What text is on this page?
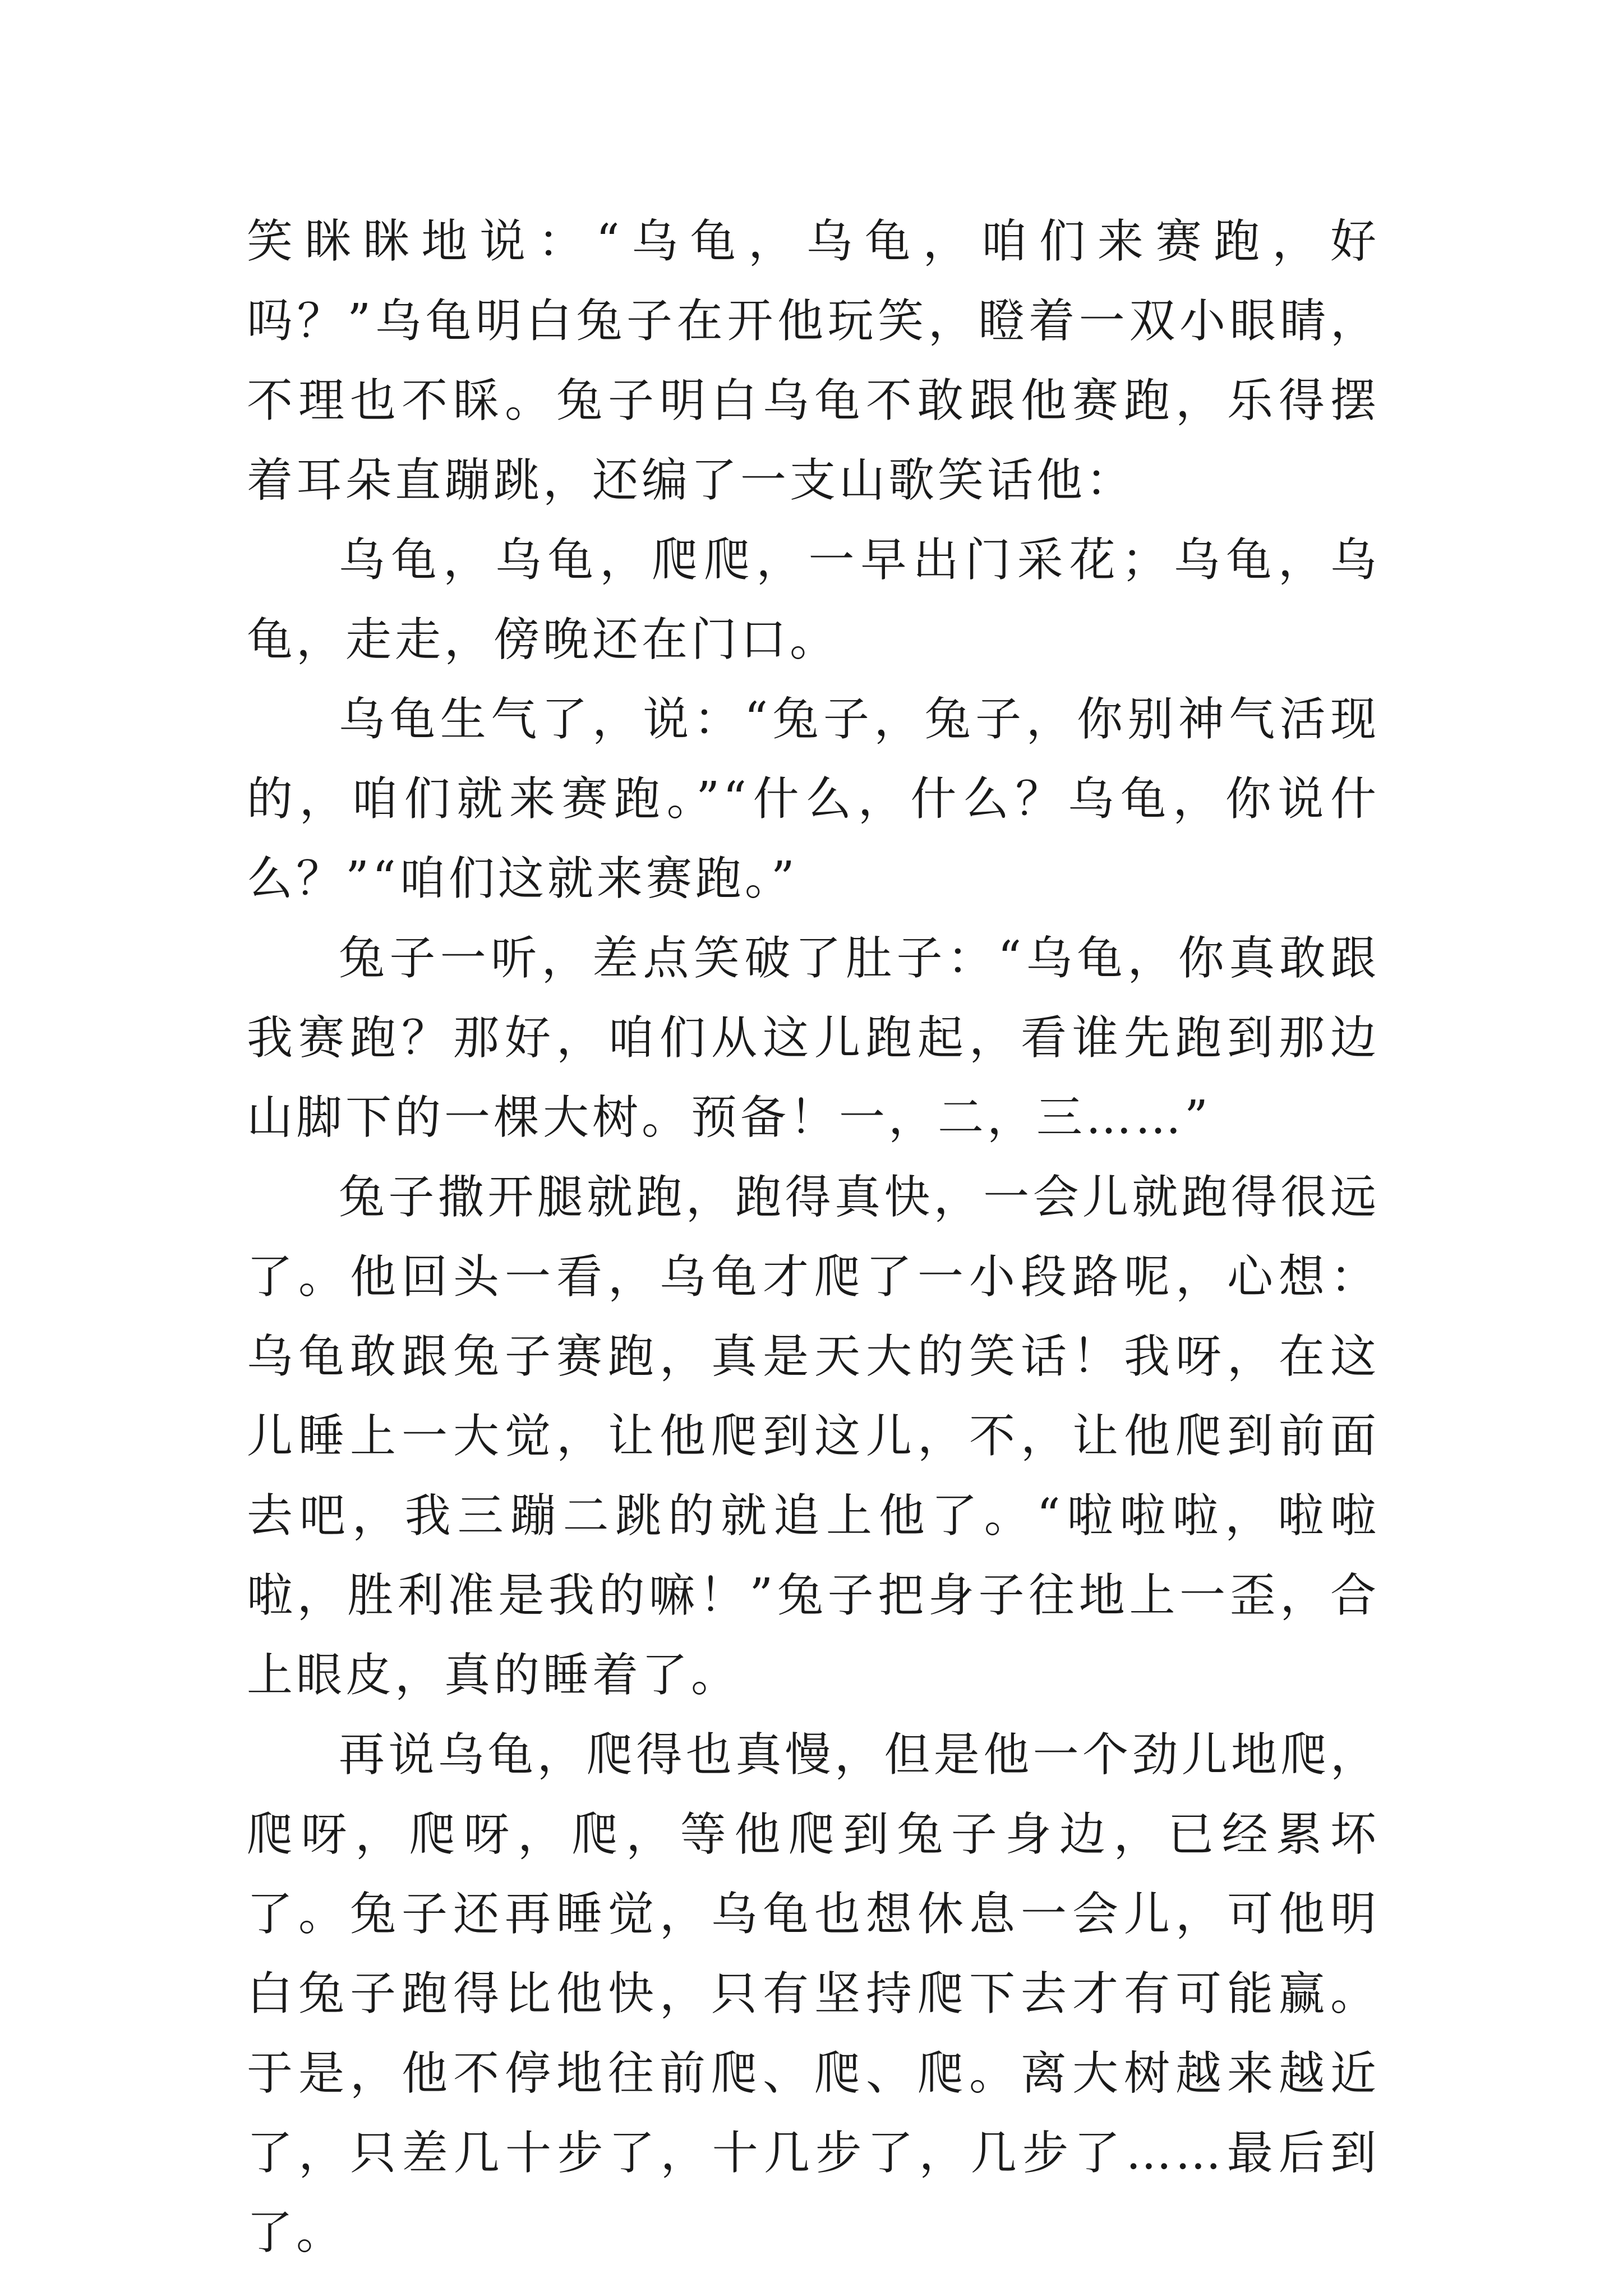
笑眯眯地说：“乌龟，乌龟，咱们来赛跑，好吗？”乌龟明白兔子在开他玩笑，瞪着一双小眼睛，不理也不睬。兔子明白乌龟不敢跟他赛跑，乐得摆着耳朵直蹦跳，还编了一支山歌笑话他：

乌龟，乌龟，爬爬，一早出门采花；乌龟，乌龟，走走，傍晚还在门口。

乌龟生气了，说：“兔子，兔子，你别神气活现的，咱们就来赛跑。”“什么，什么？乌龟，你说什么？”“咱们这就来赛跑。”

兔子一听，差点笑破了肚子：“乌龟，你真敢跟我赛跑？那好，咱们从这儿跑起，看谁先跑到那边山脚下的一棵大树。预备！一，二，三……”

兔子撒开腿就跑，跑得真快，一会儿就跑得很远了。他回头一看，乌龟才爬了一小段路呢，心想：乌龟敢跟兔子赛跑，真是天大的笑话！我呀，在这儿睡上一大觉，让他爬到这儿，不，让他爬到前面去吧，我三蹦二跳的就追上他了。“啦啦啦，啦啦啦，胜利准是我的嘛！”兔子把身子往地上一歪，合上眼皮，真的睡着了。

再说乌龟，爬得也真慢，但是他一个劲儿地爬，爬呀，爬呀，爬，等他爬到兔子身边，已经累坏了。兔子还再睡觉，乌龟也想休息一会儿，可他明白兔子跑得比他快，只有坚持爬下去才有可能赢。于是，他不停地往前爬、爬、爬。离大树越来越近了，只差几十步了，十几步了，几步了……最后到了。
